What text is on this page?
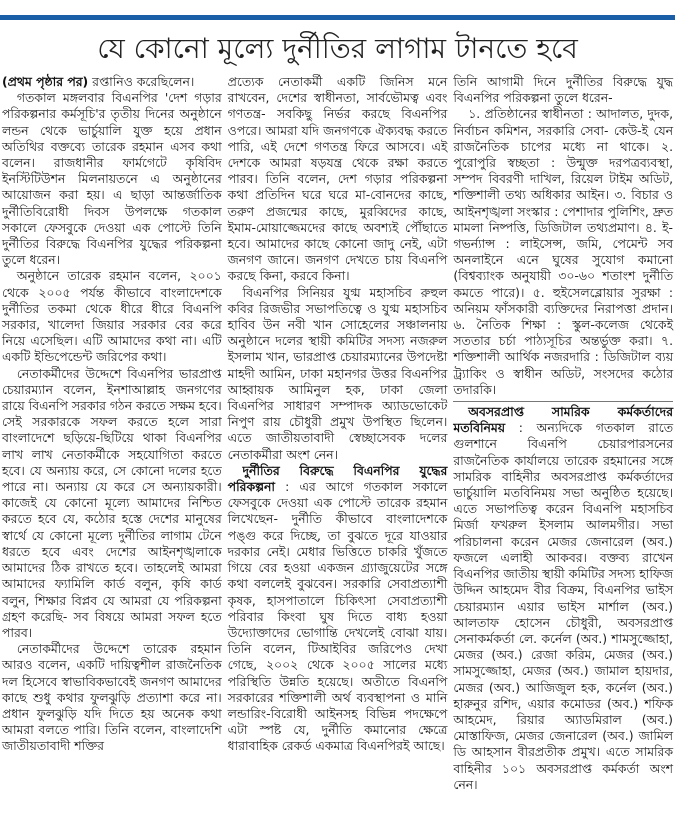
যে কোনো মূল্যে দুর্নীতির লাগাম টানতে হবে

(প্রথম পৃষ্ঠার পর) রপ্তানিও করেছিলেন।

গতকাল মঙ্গলবার বিএনপির 'দেশ গড়ার পরিকল্পনার কর্মসূচি'র তৃতীয় দিনের অনুষ্ঠানে লন্ডন থেকে ভার্চুয়ালি যুক্ত হয়ে প্রধান অতিথির বক্তব্যে তারেক রহমান এসব কথা বলেন। রাজধানীর ফার্মগেটে কৃষিবিদ ইনস্টিটিউশন মিলনায়তনে এ অনুষ্ঠানের আয়োজন করা হয়। এ ছাড়া আন্তর্জাতিক দুর্নীতিবিরোধী দিবস উপলক্ষে গতকাল সকালে ফেসবুকে দেওয়া এক পোস্টে তিনি দুর্নীতির বিরুদ্ধে বিএনপির যুদ্ধের পরিকল্পনা তুলে ধরেন।

অনুষ্ঠানে তারেক রহমান বলেন, ২০০১ থেকে ২০০৫ পর্যন্ত কীভাবে বাংলাদেশকে দুর্নীতির তকমা থেকে ধীরে ধীরে বিএনপি সরকার, খালেদা জিয়ার সরকার বের করে নিয়ে এসেছিল। এটি আমাদের কথা না। এটি একটি ইন্ডিপেন্ডেন্ট জরিপের কথা।

নেতাকর্মীদের উদ্দেশে বিএনপির ভারপ্রাপ্ত চেয়ারম্যান বলেন, ইনশাআল্লাহ জনগণের রায়ে বিএনপি সরকার গঠন করতে সক্ষম হবে। সেই সরকারকে সফল করতে হলে সারা বাংলাদেশে ছড়িয়ে-ছিটিয়ে থাকা বিএনপির লাখ লাখ নেতাকর্মীকে সহযোগিতা করতে হবে। যে অন্যায় করে, সে কোনো দলের হতে পারে না। অন্যায় যে করে সে অন্যায়কারী। কাজেই যে কোনো মূল্যে আমাদের নিশ্চিত করতে হবে যে, কঠোর হস্তে দেশের মানুষের স্বার্থে যে কোনো মূল্যে দুর্নীতির লাগাম টেনে ধরতে হবে এবং দেশের আইনশৃঙ্খলাকে আমাদের ঠিক রাখতে হবে। তাহলেই আমরা আমাদের ফ্যামিলি কার্ড বলুন, কৃষি কার্ড বলুন, শিক্ষার বিপ্লব যে আমরা যে পরিকল্পনা গ্রহণ করেছি- সব বিষয়ে আমরা সফল হতে পারব।

নেতাকর্মীদের উদ্দেশে তারেক রহমান আরও বলেন, একটি দায়িত্বশীল রাজনৈতিক দল হিসেবে স্বাভাবিকভাবেই জনগণ আমাদের কাছে শুধু কথার ফুলঝুড়ি প্রত্যাশা করে না। প্রধান ফুলঝুড়ি যদি দিতে হয় অনেক কথা আমরা বলতে পারি। তিনি বলেন, বাংলাদেশি জাতীয়তাবাদী শক্তির

প্রত্যেক নেতাকর্মী একটি জিনিস মনে রাখবেন, দেশের স্বাধীনতা, সার্বভৌমত্ব এবং গণতন্ত্র- সবকিছু নির্ভর করছে বিএনপির ওপরে। আমরা যদি জনগণকে ঐক্যবদ্ধ করতে পারি, এই দেশে গণতন্ত্র ফিরে আসবে। এই দেশকে আমরা ষড়যন্ত্র থেকে রক্ষা করতে পারব। তিনি বলেন, দেশ গড়ার পরিকল্পনা কথা প্রতিদিন ঘরে ঘরে মা-বোনদের কাছে, তরুণ প্রজন্মের কাছে, মুরব্বিদের কাছে, ইমাম-মোয়াজ্জেমদের কাছে অবশ্যই পৌঁছাতে হবে। আমাদের কাছে কোনো জাদু নেই, এটা জনগণ জানে। জনগণ দেখতে চায় বিএনপি করছে কিনা, করবে কিনা।

বিএনপির সিনিয়র যুগ্ম মহাসচিব রুহুল কবির রিজভীর সভাপতিত্বে ও যুগ্ম মহাসচিব হাবিব উন নবী খান সোহেলের সঞ্চালনায় অনুষ্ঠানে দলের স্থায়ী কমিটির সদস্য নজরুল ইসলাম খান, ভারপ্রাপ্ত চেয়ারম্যানের উপদেষ্টা মাহদী আমিন, ঢাকা মহানগর উত্তর বিএনপির আহ্বায়ক আমিনুল হক, ঢাকা জেলা বিএনপির সাধারণ সম্পাদক অ্যাডভোকেট নিপুণ রায় চৌধুরী প্রমুখ উপস্থিত ছিলেন। এতে জাতীয়তাবাদী স্বেচ্ছাসেবক দলের নেতাকর্মীরা অংশ নেন।

দুর্নীতির বিরুদ্ধে বিএনপির যুদ্ধের পরিকল্পনা : এর আগে গতকাল সকালে ফেসবুকে দেওয়া এক পোস্টে তারেক রহমান লিখেছেন- দুর্নীতি কীভাবে বাংলাদেশকে পঙ্গু করে দিচ্ছে, তা বুঝতে দূরে যাওয়ার দরকার নেই। মেধার ভিত্তিতে চাকরি খুঁজতে গিয়ে বের হওয়া একজন গ্র্যাজুয়েটের সঙ্গে কথা বললেই বুঝবেন। সরকারি সেবাপ্রত্যাশী কৃষক, হাসপাতালে চিকিৎসা সেবাপ্রত্যাশী পরিবার কিংবা ঘুষ দিতে বাধ্য হওয়া উদ্যোক্তাদের ভোগান্তি দেখলেই বোঝা যায়। তিনি বলেন, টিআইবির জরিপেও দেখা গেছে, ২০০২ থেকে ২০০৫ সালের মধ্যে পরিস্থিতি উন্নতি হয়েছে। অতীতে বিএনপি সরকারের শক্তিশালী অর্থ ব্যবস্থাপনা ও মানি লন্ডারিং-বিরোধী আইনসহ বিভিন্ন পদক্ষেপে এটা স্পষ্ট যে, দুর্নীতি কমানোর ক্ষেত্রে ধারাবাহিক রেকর্ড একমাত্র বিএনপিরই আছে।

তিনি আগামী দিনে দুর্নীতির বিরুদ্ধে যুদ্ধ বিএনপির পরিকল্পনা তুলে ধরেন-

১. প্রতিষ্ঠানের স্বাধীনতা : আদালত, দুদক, নির্বাচন কমিশন, সরকারি সেবা- কেউ-ই যেন রাজনৈতিক চাপের মধ্যে না থাকে। ২. পুরোপুরি স্বচ্ছতা : উন্মুক্ত দরপত্রব্যবস্থা, সম্পদ বিবরণী দাখিল, রিয়েল টাইম অডিট, শক্তিশালী তথ্য অধিকার আইন। ৩. বিচার ও আইনশৃঙ্খলা সংস্কার : পেশাদার পুলিশিং, দ্রুত মামলা নিষ্পত্তি, ডিজিটাল তথ্যপ্রমাণ। ৪. ই-গভর্ন্যান্স : লাইসেন্স, জমি, পেমেন্ট সব অনলাইনে এনে ঘুষের সুযোগ কমানো (বিশ্বব্যাংক অনুযায়ী ৩০-৬০ শতাংশ দুর্নীতি কমতে পারে)। ৫. হুইসেলব্লোয়ার সুরক্ষা : অনিয়ম ফাঁসকারী ব্যক্তিদের নিরাপত্তা প্রদান। ৬. নৈতিক শিক্ষা : স্কুল-কলেজ থেকেই সততার চর্চা পাঠ্যসূচির অন্তর্ভুক্ত করা। ৭. শক্তিশালী আর্থিক নজরদারি : ডিজিটাল ব্যয় ট্র্যাকিং ও স্বাধীন অডিট, সংসদের কঠোর তদারকি।

অবসরপ্রাপ্ত সামরিক কর্মকর্তাদের মতবিনিময় : অন্যদিকে গতকাল রাতে গুলশানে বিএনপি চেয়ারপারসনের রাজনৈতিক কার্যালয়ে তারেক রহমানের সঙ্গে সামরিক বাহিনীর অবসরপ্রাপ্ত কর্মকর্তাদের ভার্চুয়ালি মতবিনিময় সভা অনুষ্ঠিত হয়েছে। এতে সভাপতিত্ব করেন বিএনপি মহাসচিব মির্জা ফখরুল ইসলাম আলমগীর। সভা পরিচালনা করেন মেজর জেনারেল (অব.) ফজলে এলাহী আকবর। বক্তব্য রাখেন বিএনপির জাতীয় স্থায়ী কমিটির সদস্য হাফিজ উদ্দিন আহমেদ বীর বিক্রম, বিএনপির ভাইস চেয়ারম্যান এয়ার ভাইস মার্শাল (অব.) আলতাফ হোসেন চৌধুরী, অবসরপ্রাপ্ত সেনাকর্মকর্তা লে. কর্নেল (অব.) শামসুজ্জোহা, মেজর (অব.) রেজা করিম, মেজর (অব.) সামসুজ্জোহা, মেজর (অব.) জামাল হায়দার, মেজর (অব.) আজিজুল হক, কর্নেল (অব.) হারুনুর রশিদ, এয়ার কমোডর (অব.) শফিক আহমেদ, রিয়ার অ্যাডমিরাল (অব.) মোস্তাফিজ, মেজর জেনারেল (অব.) জামিল ডি আহসান বীরপ্রতীক প্রমুখ। এতে সামরিক বাহিনীর ১০১ অবসরপ্রাপ্ত কর্মকর্তা অংশ নেন।
